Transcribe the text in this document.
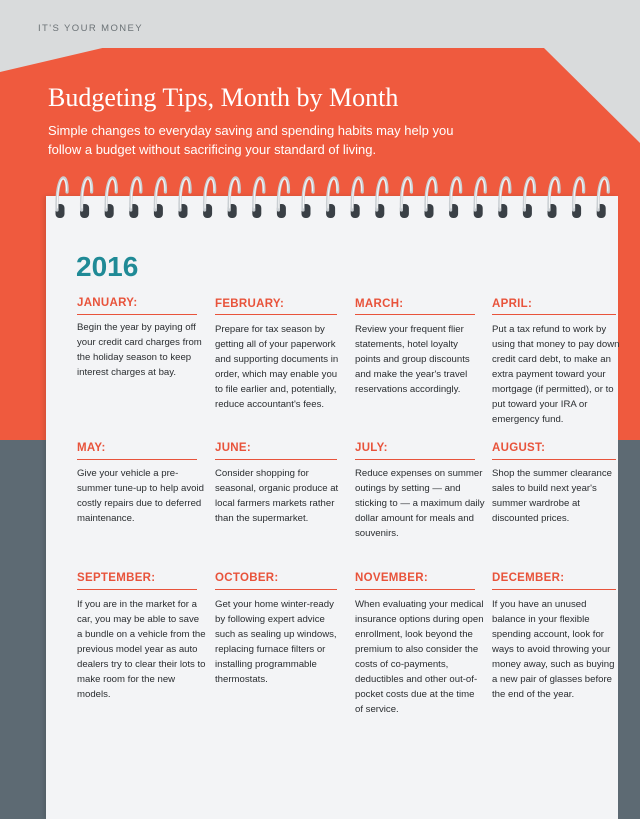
IT'S YOUR MONEY
Budgeting Tips, Month by Month

Simple changes to everyday saving and spending habits may help you follow a budget without sacrificing your standard of living.

2016
JANUARY:
Begin the year by paying off your credit card charges from the holiday season to keep interest charges at bay.
FEBRUARY:
Prepare for tax season by getting all of your paperwork and supporting documents in order, which may enable you to file earlier and, potentially, reduce accountant's fees.
MARCH:
Review your frequent flier statements, hotel loyalty points and group discounts and make the year's travel reservations accordingly.
APRIL:
Put a tax refund to work by using that money to pay down credit card debt, to make an extra payment toward your mortgage (if permitted), or to put toward your IRA or emergency fund.
MAY:
Give your vehicle a pre-summer tune-up to help avoid costly repairs due to deferred maintenance.
JUNE:
Consider shopping for seasonal, organic produce at local farmers markets rather than the supermarket.
JULY:
Reduce expenses on summer outings by setting — and sticking to — a maximum daily dollar amount for meals and souvenirs.
AUGUST:
Shop the summer clearance sales to build next year's summer wardrobe at discounted prices.
SEPTEMBER:
If you are in the market for a car, you may be able to save a bundle on a vehicle from the previous model year as auto dealers try to clear their lots to make room for the new models.
OCTOBER:
Get your home winter-ready by following expert advice such as sealing up windows, replacing furnace filters or installing programmable thermostats.
NOVEMBER:
When evaluating your medical insurance options during open enrollment, look beyond the premium to also consider the costs of co-payments, deductibles and other out-of-pocket costs due at the time of service.
DECEMBER:
If you have an unused balance in your flexible spending account, look for ways to avoid throwing your money away, such as buying a new pair of glasses before the end of the year.
